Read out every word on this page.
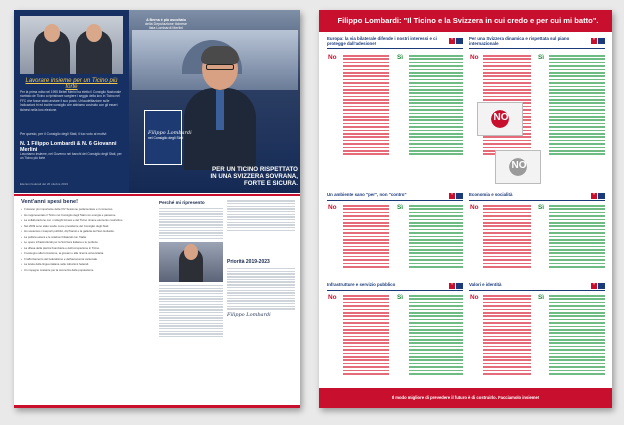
Lavorare insieme per un Ticino più forte
Per la prima volta nel 1995 Bebel Merini ha eletto il Consiglio Nazionale ricettato de Ticino a ripristinare sceglere i seggio della loro in Ticino nel FFC che fosse stato avviare il suo posto. Un'audelitazione sulle Indicazioni tri ed inoltre consiglio che abbiamo costruito con gli esseri ticinesi nella loro elezione.
Per questo, per il Consiglio degli Stati, il tuo voto ai motivi:
N. 1 Filippo Lombardi & N. 6 Giovanni Merlini
Lavoriamo insieme, nel Governo nei banchi del Consiglio degli Stati, per un Ticino più forte
Elezioni federali del 20 ottobre 2019
A Berna è più ascoltato
della Deputazione ticinese
lista Lombardi Merlini
Filippo Lombardi
nel Consiglio degli Stati
PER UN TICINO RISPETTATO IN UNA SVIZZERA SOVRANA, FORTE E SICURA.
Vent'anni spesi bene!
• Il dossier più importante della XIV Sessione parlamentare e il consenso.
• Ho rappresentato il Ticino nel Consiglio degli Stati con energia e passione.
• La collaborazione con i colleghi ticinesi e del Ticino rimane elemento costruttivo.
• Nel 2009 sono stato scelto come presidente del Consiglio degli Stati.
• Ho sostenuto i trasporti pubblici, AlpTransit e la galleria del San Gottardo.
• La politica estera e le relazioni bilaterali con l'Italia.
• Le opere infrastrutturali per la Svizzera italiana e le periferie.
• La difesa della piazza finanziaria e dell'occupazione in Ticino.
• Il sostegno alla formazione, ai giovani e alla ricerca universitaria.
• Il rafforzamento del federalismo e dell'autonomia cantonale.
• La tutela della lingua italiana nelle istituzioni federali.
• Un impegno costante per la sicurezza della popolazione.
Perché mi ripresento
Priorità 2019-2023
Filippo Lombardi
Filippo Lombardi: "Il Ticino e la Svizzera in cui credo e per cui mi batto".
Europa: la via bilaterale difende i nostri interessi e ci protegge dall'adesione!
+
No	Sì
Per una Svizzera dinamica e rispettata sul piano internazionale
+
No	Sì
NO
NO
Un ambiente sano "per", non "contro"
+
No	Sì
Economia e socialità
+
No	Sì
Infrastrutture e servizio pubblico
+
No	Sì
Valori e identità
+
No	Sì
Il modo migliore di prevedere il futuro è di costruirlo. Facciamolo insieme!
